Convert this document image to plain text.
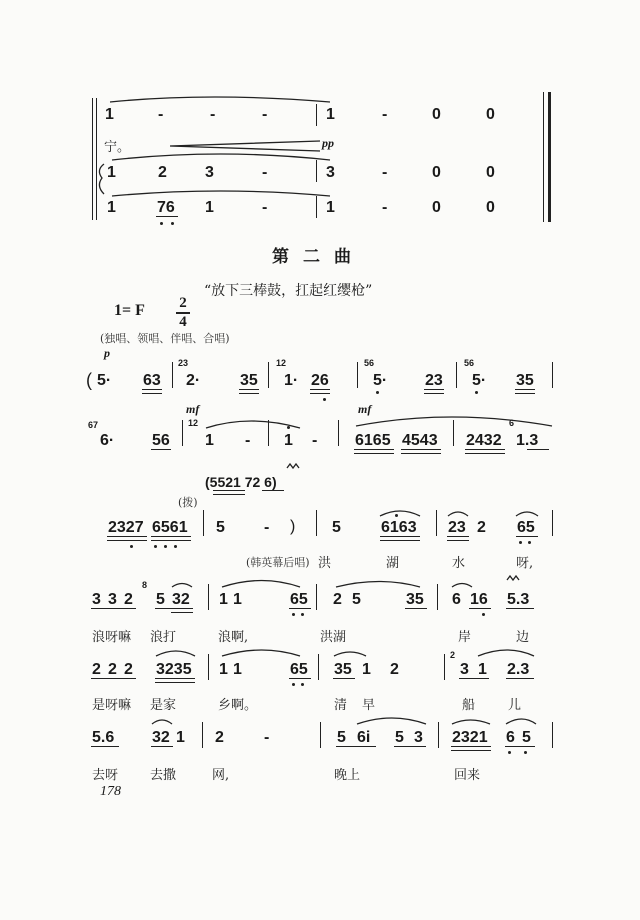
1	-	-	-	1	-	0	0
宁。	pp
1	2 3	-	3	-	0	0
1	76 1	-	1	-	0	0
第二曲
“放下三棒鼓，扛起红缨枪”
1= F 2
4
(独唱、领唱、伴唱、合唱)
p
( 5· 63
23
2· 35
12
1· 26
56
5· 23
56
5· 35
67
6· 56
mf
12
1 - 1 -
mf
6165 4543 2432
6
1.3
(5521 72 6)
(拨)
2327 6561 5 - ) 5	6163 23 2 65
(韩英幕后唱) 洪	湖	水	呀,
3 3 2
8
5 32 1 1	65 2 5	35 6 16 5.3
浪呀嘛 浪打	浪啊,	洪湖	岸	边
2 2 2 3235 1 1	65 35 1 2
2
3 1 2.3
是呀嘛 是家	乡啊。	清 早	船	儿
5.6 32 1 2	-	5 6i 5 3 2321 6 5
去呀 去撒	网,	晚上	回来
178
